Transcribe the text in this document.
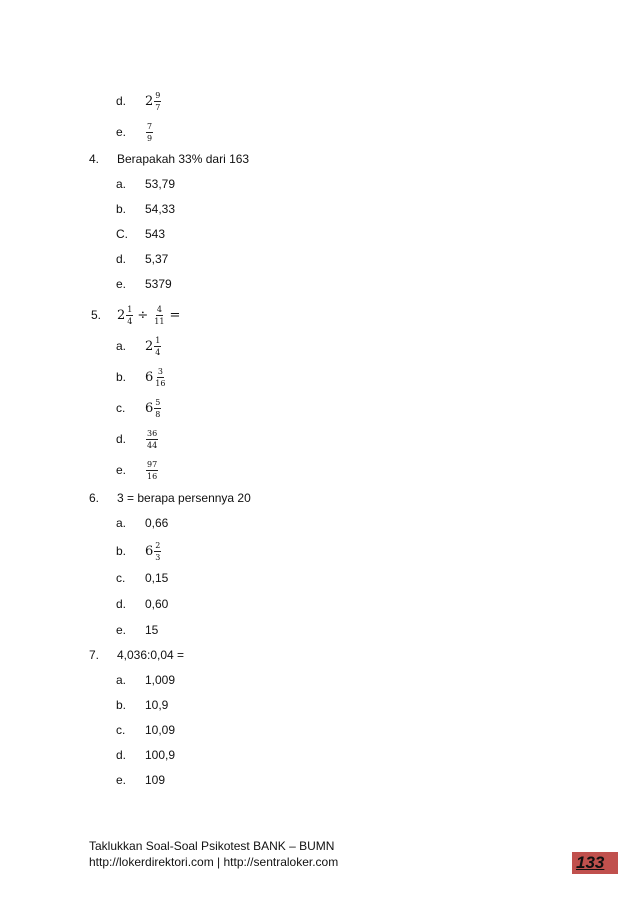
d. $2 \frac{9}{7}$
e. $\frac{7}{9}$
4.	Berapakah 33% dari 163
a. 53,79
b. 54,33
C. 543
d. 5,37
e. 5379
5.	$2 \frac{1}{4} \div \frac{4}{11}$ =
a. $2 \frac{1}{4}$
b. $6 \frac{3}{16}$
c. $6 \frac{5}{8}$
d. $\frac{36}{44}$
e. $\frac{97}{16}$
6.	3 = berapa persennya 20
a. 0,66
b. $6 \frac{2}{3}$
c. 0,15
d. 0,60
e. 15
7.	4,036:0,04 =
a. 1,009
b. 10,9
c. 10,09
d. 100,9
e. 109
Taklukkan Soal-Soal Psikotest BANK – BUMN
http://lokerdirektori.com | http://sentraloker.com	133
